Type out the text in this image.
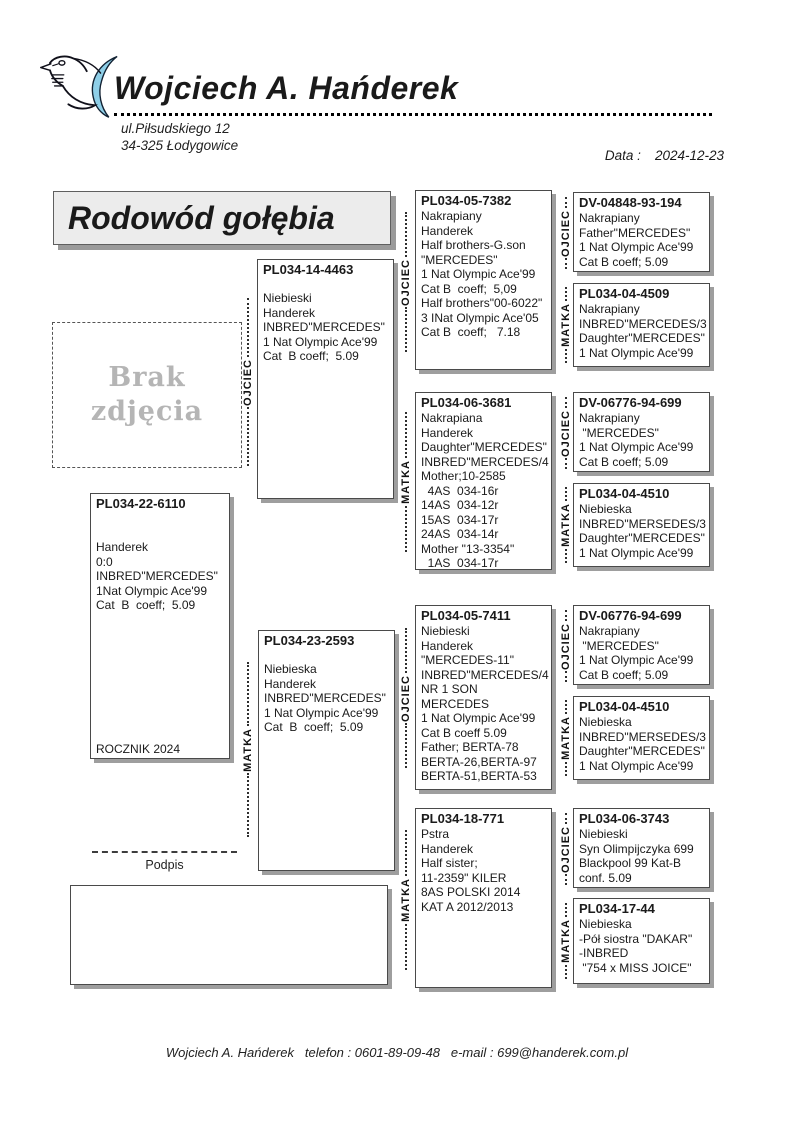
Wojciech A. Hańderek
ul.Piłsudskiego 12
34-325 Łodygowice
Data : 2024-12-23
Rodowód gołębia
Brak
zdjęcia
PL034-22-6110
Handerek
0:0
INBRED"MERCEDES"
1Nat Olympic Ace'99
Cat  B  coeff;  5.09
ROCZNIK 2024
PL034-14-4463
Niebieski
Handerek
INBRED"MERCEDES"
1 Nat Olympic Ace'99
Cat  B coeff;  5.09
PL034-23-2593
Niebieska
Handerek
INBRED"MERCEDES"
1 Nat Olympic Ace'99
Cat  B  coeff;  5.09
PL034-05-7382
Nakrapiany
Handerek
Half brothers-G.son
"MERCEDES"
1 Nat Olympic Ace'99
Cat B  coeff;  5,09
Half brothers"00-6022"
3 INat Olympic Ace'05
Cat B  coeff;   7.18
PL034-06-3681
Nakrapiana
Handerek
Daughter"MERCEDES"
INBRED"MERCEDES/4
Mother;10-2585
4AS  034-16r
14AS  034-12r
15AS  034-17r
24AS  034-14r
Mother "13-3354"
1AS  034-17r
PL034-05-7411
Niebieski
Handerek
"MERCEDES-11"
INBRED"MERCEDES/4
NR 1 SON MERCEDES
1 Nat Olympic Ace'99
Cat B coeff 5.09
Father; BERTA-78
BERTA-26,BERTA-97
BERTA-51,BERTA-53
PL034-18-771
Pstra
Handerek
Half sister;
11-2359" KILER
8AS POLSKI 2014
KAT A 2012/2013
DV-04848-93-194
Nakrapiany
Father"MERCEDES"
1 Nat Olympic Ace'99
Cat B coeff; 5.09
PL034-04-4509
Nakrapiany
INBRED"MERCEDES/3
Daughter"MERCEDES"
1 Nat Olympic Ace'99
DV-06776-94-699
Nakrapiany
"MERCEDES"
1 Nat Olympic Ace'99
Cat B coeff; 5.09
PL034-04-4510
Niebieska
INBRED"MERSEDES/3
Daughter"MERCEDES"
1 Nat Olympic Ace'99
DV-06776-94-699
Nakrapiany
"MERCEDES"
1 Nat Olympic Ace'99
Cat B coeff; 5.09
PL034-04-4510
Niebieska
INBRED"MERSEDES/3
Daughter"MERCEDES"
1 Nat Olympic Ace'99
PL034-06-3743
Niebieski
Syn Olimpijczyka 699
Blackpool 99 Kat-B
conf. 5.09
PL034-17-44
Niebieska
-Pół siostra "DAKAR"
-INBRED
"754 x MISS JOICE"
OJCIEC
MATKA
OJCIEC
MATKA
OJCIEC
MATKA
OJCIEC
MATKA
OJCIEC
MATKA
OJCIEC
MATKA
OJCIEC
MATKA
Podpis
Wojciech A. Hańderek   telefon : 0601-89-09-48   e-mail : 699@handerek.com.pl
